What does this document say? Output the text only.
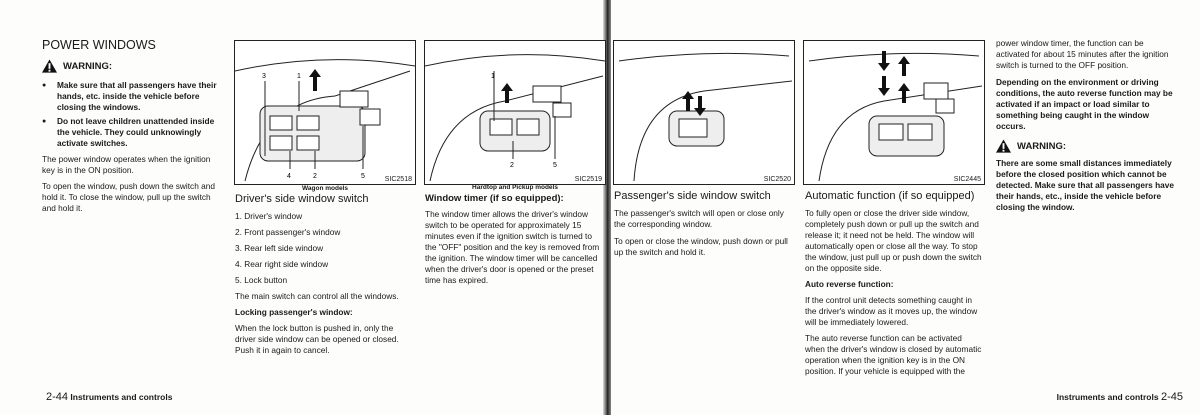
POWER WINDOWS
WARNING:
● Make sure that all passengers have their hands, etc. inside the vehicle before closing the windows.
● Do not leave children unattended inside the vehicle. They could unknowingly activate switches.

The power window operates when the ignition key is in the ON position.

To open the window, push down the switch and hold it. To close the window, pull up the switch and hold it.

3	1
4	2	5	SIC2518
Wagon models
1
2	5
SIC2519
Hardtop and Pickup models
Driver's side window switch
1. Driver's window
2. Front passenger's window
3. Rear left side window
4. Rear right side window
5. Lock button

The main switch can control all the windows.

Locking passenger's window:

When the lock button is pushed in, only the driver side window can be opened or closed. Push it in again to cancel.

Window timer (if so equipped):

The window timer allows the driver's window switch to be operated for approximately 15 minutes even if the ignition switch is turned to the "OFF" position and the key is removed from the ignition. The window timer will be cancelled when the driver's door is opened or the preset time has expired.

2-44 Instruments and controls
SIC2520	SIC2445
Passenger's side window switch

The passenger's switch will open or close only the corresponding window.

To open or close the window, push down or pull up the switch and hold it.

Automatic function (if so equipped)

To fully open or close the driver side window, completely push down or pull up the switch and release it; it need not be held. The window will automatically open or close all the way. To stop the window, just pull up or push down the switch on the opposite side.

Auto reverse function:

If the control unit detects something caught in the driver's window as it moves up, the window will be immediately lowered.

The auto reverse function can be activated when the driver's window is closed by automatic operation when the ignition key is in the ON position. If your vehicle is equipped with the

power window timer, the function can be activated for about 15 minutes after the ignition switch is turned to the OFF position.

Depending on the environment or driving conditions, the auto reverse function may be activated if an impact or load similar to something being caught in the window occurs.

WARNING:

There are some small distances immediately before the closed position which cannot be detected. Make sure that all passengers have their hands, etc., inside the vehicle before closing the window.

Instruments and controls 2-45
